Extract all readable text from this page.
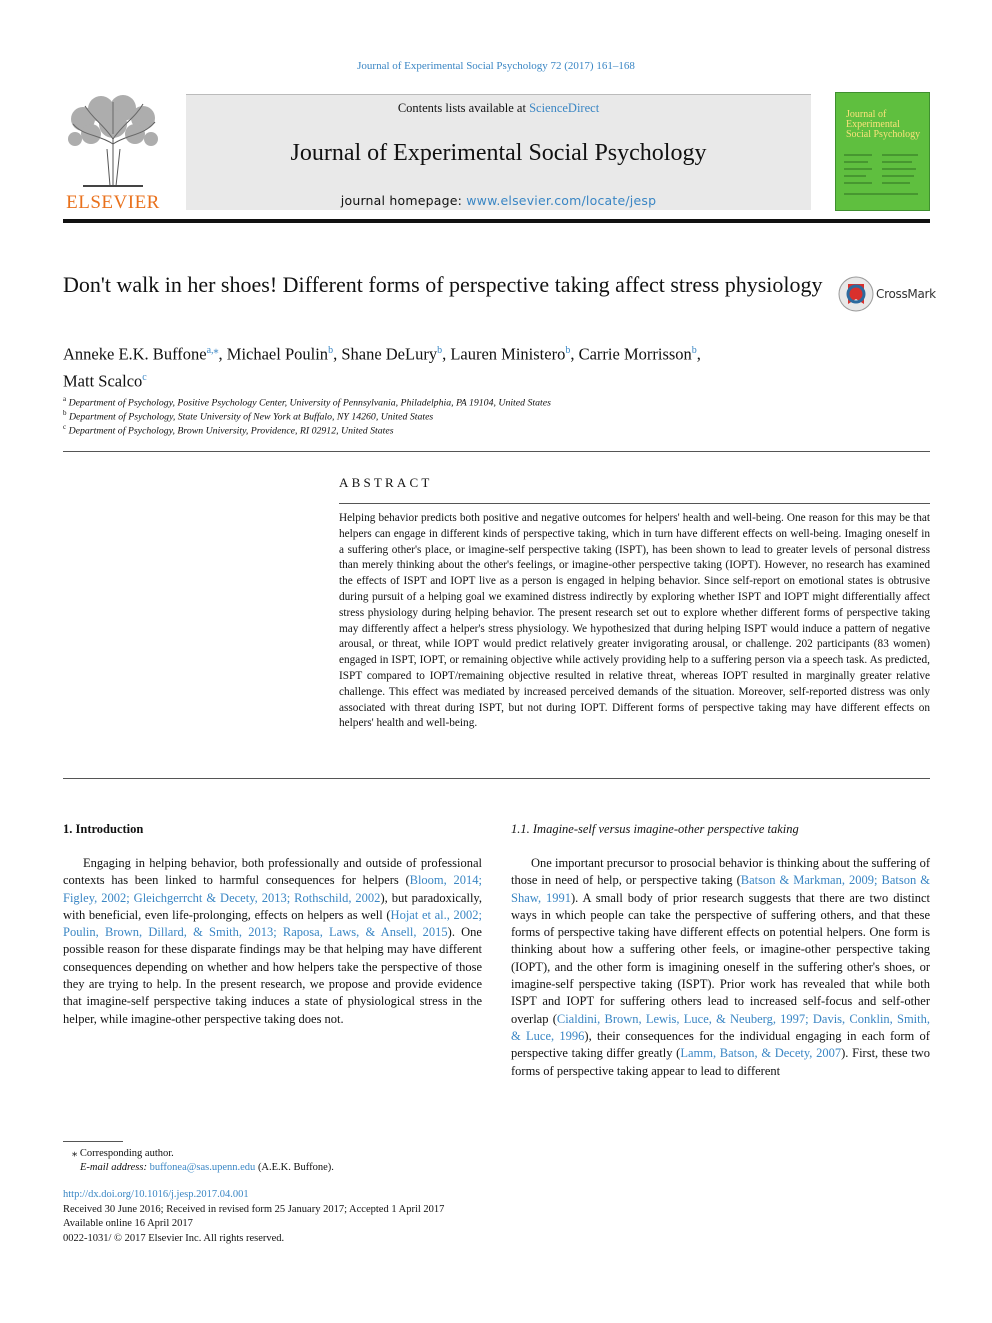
Journal of Experimental Social Psychology 72 (2017) 161–168
ELSEVIER
Contents lists available at ScienceDirect
Journal of Experimental Social Psychology
journal homepage: www.elsevier.com/locate/jesp
Journal of Experimental Social Psychology
Don't walk in her shoes! Different forms of perspective taking affect stress physiology	CrossMark
Anneke E.K. Buffone$^{a,⁎}$, Michael Poulin$^b$, Shane DeLury$^b$, Lauren Ministero$^b$, Carrie Morrisson$^b$,
Matt Scalco$^c$
$^a$ Department of Psychology, Positive Psychology Center, University of Pennsylvania, Philadelphia, PA 19104, United States
$^b$ Department of Psychology, State University of New York at Buffalo, NY 14260, United States
$^c$ Department of Psychology, Brown University, Providence, RI 02912, United States
ABSTRACT
Helping behavior predicts both positive and negative outcomes for helpers' health and well-being. One reason for this may be that helpers can engage in different kinds of perspective taking, which in turn have different effects on well-being. Imaging oneself in a suffering other's place, or imagine-self perspective taking (ISPT), has been shown to lead to greater levels of personal distress than merely thinking about the other's feelings, or imagine-other perspective taking (IOPT). However, no research has examined the effects of ISPT and IOPT live as a person is engaged in helping behavior. Since self-report on emotional states is obtrusive during pursuit of a helping goal we examined distress indirectly by exploring whether ISPT and IOPT might differentially affect stress physiology during helping behavior. The present research set out to explore whether different forms of perspective taking may differently affect a helper's stress physiology. We hypothesized that during helping ISPT would induce a pattern of negative arousal, or threat, while IOPT would predict relatively greater invigorating arousal, or challenge. 202 participants (83 women) engaged in ISPT, IOPT, or remaining objective while actively providing help to a suffering person via a speech task. As predicted, ISPT compared to IOPT/remaining objective resulted in relative threat, whereas IOPT resulted in marginally greater relative challenge. This effect was mediated by increased perceived demands of the situation. Moreover, self-reported distress was only associated with threat during ISPT, but not during IOPT. Different forms of perspective taking may have different effects on helpers' health and well-being.
1. Introduction	1.1. Imagine-self versus imagine-other perspective taking

Engaging in helping behavior, both professionally and outside of professional contexts has been linked to harmful consequences for helpers (Bloom, 2014; Figley, 2002; Gleichgerrcht & Decety, 2013; Rothschild, 2002), but paradoxically, with beneficial, even life-prolonging, effects on helpers as well (Hojat et al., 2002; Poulin, Brown, Dillard, & Smith, 2013; Raposa, Laws, & Ansell, 2015). One possible reason for these disparate findings may be that helping may have different consequences depending on whether and how helpers take the perspective of those they are trying to help. In the present research, we propose and provide evidence that imagine-self perspective taking induces a state of physiological stress in the helper, while imagine-other perspective taking does not.

One important precursor to prosocial behavior is thinking about the suffering of those in need of help, or perspective taking (Batson & Markman, 2009; Batson & Shaw, 1991). A small body of prior research suggests that there are two distinct ways in which people can take the perspective of suffering others, and that these forms of perspective taking have different effects on potential helpers. One form is thinking about how a suffering other feels, or imagine-other perspective taking (IOPT), and the other form is imagining oneself in the suffering other's shoes, or imagine-self perspective taking (ISPT). Prior work has revealed that while both ISPT and IOPT for suffering others lead to increased self-focus and self-other overlap (Cialdini, Brown, Lewis, Luce, & Neuberg, 1997; Davis, Conklin, Smith, & Luce, 1996), their consequences for the individual engaging in each form of perspective taking differ greatly (Lamm, Batson, & Decety, 2007). First, these two forms of perspective taking appear to lead to different

⁎ Corresponding author.
E-mail address: buffonea@sas.upenn.edu (A.E.K. Buffone).
http://dx.doi.org/10.1016/j.jesp.2017.04.001
Received 30 June 2016; Received in revised form 25 January 2017; Accepted 1 April 2017
Available online 16 April 2017
0022-1031/ © 2017 Elsevier Inc. All rights reserved.
